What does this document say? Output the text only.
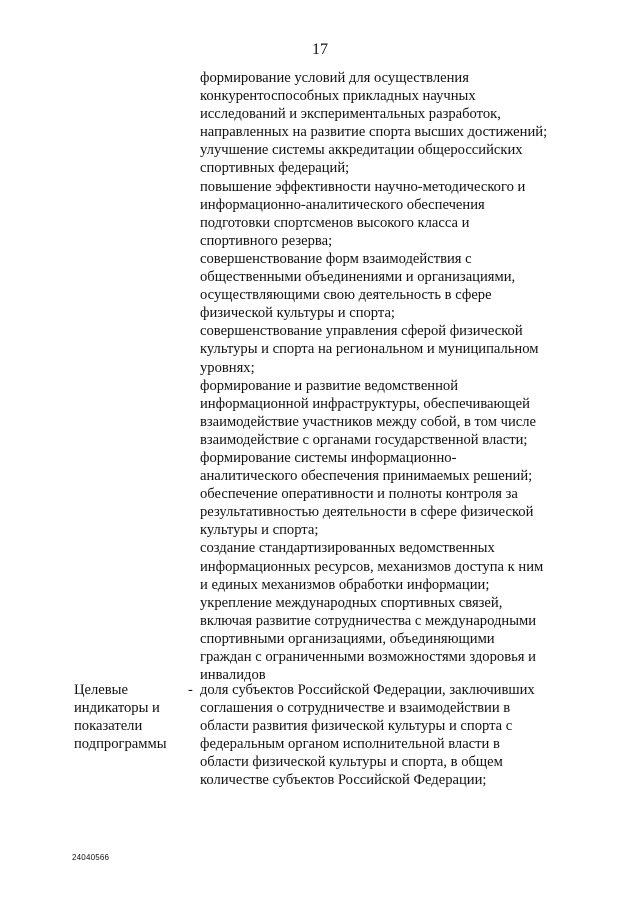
17
формирование условий для осуществления
конкурентоспособных прикладных научных
исследований и экспериментальных разработок,
направленных на развитие спорта высших достижений;
улучшение системы аккредитации общероссийских
спортивных федераций;
повышение эффективности научно-методического и
информационно-аналитического обеспечения
подготовки спортсменов высокого класса и
спортивного резерва;
совершенствование форм взаимодействия с
общественными объединениями и организациями,
осуществляющими свою деятельность в сфере
физической культуры и спорта;
совершенствование управления сферой физической
культуры и спорта на региональном и муниципальном
уровнях;
формирование и развитие ведомственной
информационной инфраструктуры, обеспечивающей
взаимодействие участников между собой, в том числе
взаимодействие с органами государственной власти;
формирование системы информационно-
аналитического обеспечения принимаемых решений;
обеспечение оперативности и полноты контроля за
результативностью деятельности в сфере физической
культуры и спорта;
создание стандартизированных ведомственных
информационных ресурсов, механизмов доступа к ним
и единых механизмов обработки информации;
укрепление международных спортивных связей,
включая развитие сотрудничества с международными
спортивными организациями, объединяющими
граждан с ограниченными возможностями здоровья и
инвалидов
Целевые
индикаторы и
показатели
подпрограммы
- доля субъектов Российской Федерации, заключивших
соглашения о сотрудничестве и взаимодействии в
области развития физической культуры и спорта с
федеральным органом исполнительной власти в
области физической культуры и спорта, в общем
количестве субъектов Российской Федерации;
24040566
